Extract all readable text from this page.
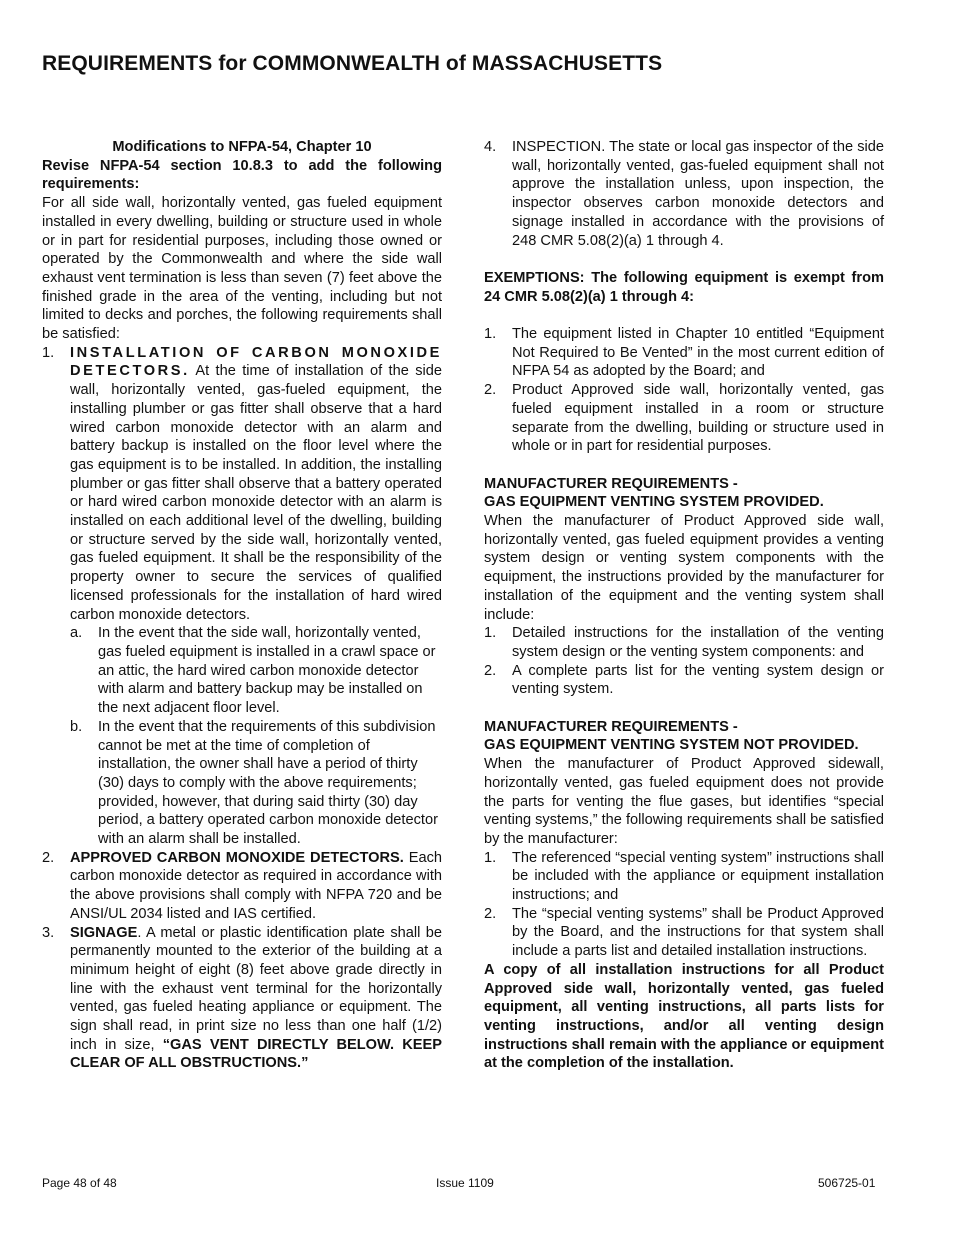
REQUIREMENTS for COMMONWEALTH of MASSACHUSETTS

Modifications to NFPA-54, Chapter 10

Revise NFPA-54 section 10.8.3 to add the following requirements:

For all side wall, horizontally vented, gas fueled equipment installed in every dwelling, building or structure used in whole or in part for residential purposes, including those owned or operated by the Commonwealth and where the side wall exhaust vent termination is less than seven (7) feet above the finished grade in the area of the venting, including but not limited to decks and porches, the following requirements shall be satisfied:

1. INSTALLATION OF CARBON MONOXIDE DETECTORS. At the time of installation of the side wall, horizontally vented, gas-fueled equipment, the installing plumber or gas fitter shall observe that a hard wired carbon monoxide detector with an alarm and battery backup is installed on the floor level where the gas equipment is to be installed. In addition, the installing plumber or gas fitter shall observe that a battery operated or hard wired carbon monoxide detector with an alarm is installed on each additional level of the dwelling, building or structure served by the side wall, horizontally vented, gas fueled equipment. It shall be the responsibility of the property owner to secure the services of qualified licensed professionals for the installation of hard wired carbon monoxide detectors.
a. In the event that the side wall, horizontally vented, gas fueled equipment is installed in a crawl space or an attic, the hard wired carbon monoxide detector with alarm and battery backup may be installed on the next adjacent floor level.
b. In the event that the requirements of this subdivision cannot be met at the time of completion of installation, the owner shall have a period of thirty (30) days to comply with the above requirements; provided, however, that during said thirty (30) day period, a battery operated carbon monoxide detector with an alarm shall be installed.
2. APPROVED CARBON MONOXIDE DETECTORS. Each carbon monoxide detector as required in accordance with the above provisions shall comply with NFPA 720 and be ANSI/UL 2034 listed and IAS certified.
3. SIGNAGE. A metal or plastic identification plate shall be permanently mounted to the exterior of the building at a minimum height of eight (8) feet above grade directly in line with the exhaust vent terminal for the horizontally vented, gas fueled heating appliance or equipment. The sign shall read, in print size no less than one half (1/2) inch in size, “GAS VENT DIRECTLY BELOW. KEEP CLEAR OF ALL OBSTRUCTIONS.”
4. INSPECTION. The state or local gas inspector of the side wall, horizontally vented, gas-fueled equipment shall not approve the installation unless, upon inspection, the inspector observes carbon monoxide detectors and signage installed in accordance with the provisions of 248 CMR 5.08(2)(a) 1 through 4.

EXEMPTIONS: The following equipment is exempt from 24 CMR 5.08(2)(a) 1 through 4:

1. The equipment listed in Chapter 10 entitled “Equipment Not Required to Be Vented” in the most current edition of NFPA 54 as adopted by the Board; and
2. Product Approved side wall, horizontally vented, gas fueled equipment installed in a room or structure separate from the dwelling, building or structure used in whole or in part for residential purposes.

MANUFACTURER REQUIREMENTS -

GAS EQUIPMENT VENTING SYSTEM PROVIDED.

When the manufacturer of Product Approved side wall, horizontally vented, gas fueled equipment provides a venting system design or venting system components with the equipment, the instructions provided by the manufacturer for installation of the equipment and the venting system shall include:

1. Detailed instructions for the installation of the venting system design or the venting system components: and
2. A complete parts list for the venting system design or venting system.

MANUFACTURER REQUIREMENTS -

GAS EQUIPMENT VENTING SYSTEM NOT PROVIDED.

When the manufacturer of Product Approved sidewall, horizontally vented, gas fueled equipment does not provide the parts for venting the flue gases, but identifies “special venting systems,” the following requirements shall be satisfied by the manufacturer:

1. The referenced “special venting system” instructions shall be included with the appliance or equipment installation instructions; and
2. The “special venting systems” shall be Product Approved by the Board, and the instructions for that system shall include a parts list and detailed installation instructions.

A copy of all installation instructions for all Product Approved side wall, horizontally vented, gas fueled equipment, all venting instructions, all parts lists for venting instructions, and/or all venting design instructions shall remain with the appliance or equipment at the completion of the installation.

Page 48 of 48	Issue 1109	506725-01
